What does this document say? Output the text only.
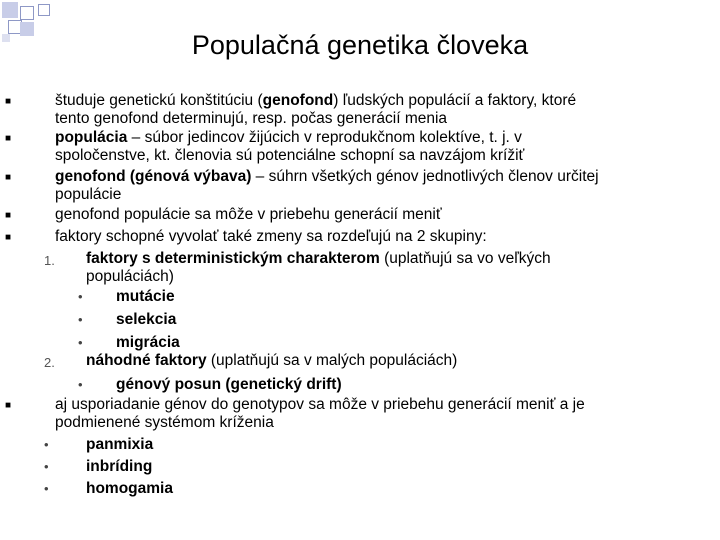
Populačná genetika človeka
■	študuje genetickú konštitúciu (genofond) ľudských populácií a faktory, ktoré
tento genofond determinujú, resp. počas generácií menia
■	populácia – súbor jedincov žijúcich v reprodukčnom kolektíve, t. j. v
spoločenstve, kt. členovia sú potenciálne schopní sa navzájom krížiť
■	genofond (génová výbava) – súhrn všetkých génov jednotlivých členov určitej
populácie
■	genofond populácie sa môže v priebehu generácií meniť
■	faktory schopné vyvolať také zmeny sa rozdeľujú na 2 skupiny:
1. faktory s deterministickým charakterom (uplatňujú sa vo veľkých
populáciách)
• mutácie
• selekcia
• migrácia
2. náhodné faktory (uplatňujú sa v malých populáciách)
• génový posun (genetický drift)
■	aj usporiadanie génov do genotypov sa môže v priebehu generácií meniť a je
podmienené systémom kríženia
• panmixia
• inbríding
• homogamia
